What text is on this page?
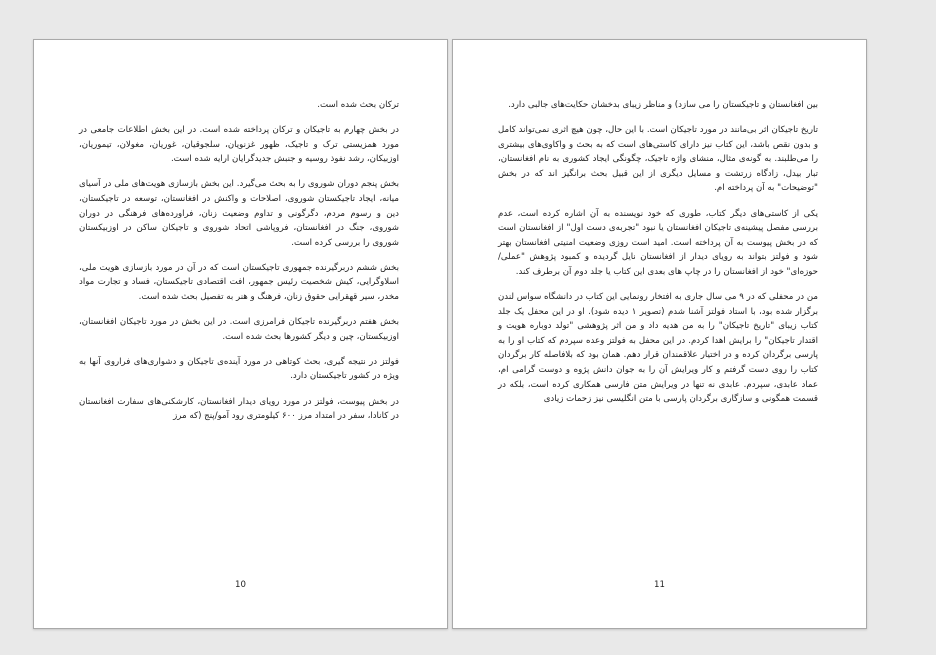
ترکان بحث شده است.

در بخش چهارم به تاجیکان و ترکان پرداخته شده است. در این بخش اطلاعات جامعی در مورد همزیستی ترک و تاجیک، ظهور غزنویان، سلجوقیان، غوریان، مغولان، تیموریان، اوزبیکان، رشد نفوذ روسیه و جنبش جدیدگرایان ارایه شده است.

بخش پنجم دوران شوروی را به بحث می‌گیرد. این بخش بازسازی هویت‌های ملی در آسیای میانه، ایجاد تاجیکستان شوروی، اصلاحات و واکنش در افغانستان، توسعه در تاجیکستان، دین و رسوم مردم، دگرگونی و تداوم وضعیت زنان، فراورده‌های فرهنگی در دوران شوروی، جنگ در افغانستان، فروپاشی اتحاد شوروی و تاجیکان ساکن در اوزبیکستان شوروی را بررسی کرده است.

بخش ششم دربرگیرنده جمهوری تاجیکستان است که در آن در مورد بازسازی هویت ملی، اسلاوگرایی، کیش شخصیت رئیس جمهور، افت اقتصادی تاجیکستان، فساد و تجارت مواد مخدر، سیر قهقرایی حقوق زنان، فرهنگ و هنر به تفصیل بحث شده است.

بخش هفتم دربرگیرنده تاجیکان فرامرزی است. در این بخش در مورد تاجیکان افغانستان، اوزبیکستان، چین و دیگر کشورها بحث شده است.

فولتز در نتیجه گیری، بحث کوتاهی در مورد آینده‌ی تاجیکان و دشواری‌های فراروی آنها به ویژه در کشور تاجیکستان دارد.

در بخش پیوست، فولتز در مورد رویای دیدار افغانستان، کارشکنی‌های سفارت افغانستان در کانادا، سفر در امتداد مرز ۶۰۰ کیلومتری رود آمو/پنج (که مرز

10

بین افغانستان و تاجیکستان را می سازد) و مناظر زیبای بدخشان حکایت‌های جالبی دارد.

تاریخ تاجیکان اثر بی‌مانند در مورد تاجیکان است. با این حال، چون هیچ اثری نمی‌تواند کامل و بدون نقص باشد، این کتاب نیز دارای کاستی‌های است که به بحث و واکاوی‌های بیشتری را می‌طلبند. به گونه‌ی مثال، منشای واژه تاجیک، چگونگی ایجاد کشوری به نام افغانستان، تبار بیدل، زادگاه زرتشت و مسایل دیگری از این قبیل بحث برانگیز اند که در بخش "توضیحات" به آن پرداخته ام.

یکی از کاستی‌های دیگر کتاب، طوری که خود نویسنده به آن اشاره کرده است، عدم بررسی مفصل پیشینه‌ی تاجیکان افغانستان یا نبود "تجربه‌ی دست اول" از افغانستان است که در بخش پیوست به آن پرداخته است. امید است روزی وضعیت امنیتی افغانستان بهتر شود و فولتز بتواند به رویای دیدار از افغانستان نایل گردیده و کمبود پژوهش "عملی/حوزه‌ای" خود از افغانستان را در چاپ های بعدی این کتاب یا جلد دوم آن برطرف کند.

من در محفلی که در ۹ می سال جاری به افتخار رونمایی این کتاب در دانشگاه سواس لندن برگزار شده بود، با استاد فولتز آشنا شدم (تصویر ۱ دیده شود). او در این محفل یک جلد کتاب زیبای "تاریخ تاجیکان" را به من هدیه داد و من اثر پژوهشی "تولد دوباره هویت و اقتدار تاجیکان" را برایش اهدا کردم. در این محفل به فولتز وعده سپردم که کتاب او را به پارسی برگردان کرده و در اختیار علاقمندان قرار دهم. همان بود که بلافاصله کار برگردان کتاب را روی دست گرفتم و کار ویرایش آن را به جوان دانش پژوه و دوست گرامی ام، عماد عابدی، سپردم. عابدی نه تنها در ویرایش متن فارسی همکاری کرده است، بلکه در قسمت همگونی و سازگاری برگردان پارسی با متن انگلیسی نیز زحمات زیادی

11
